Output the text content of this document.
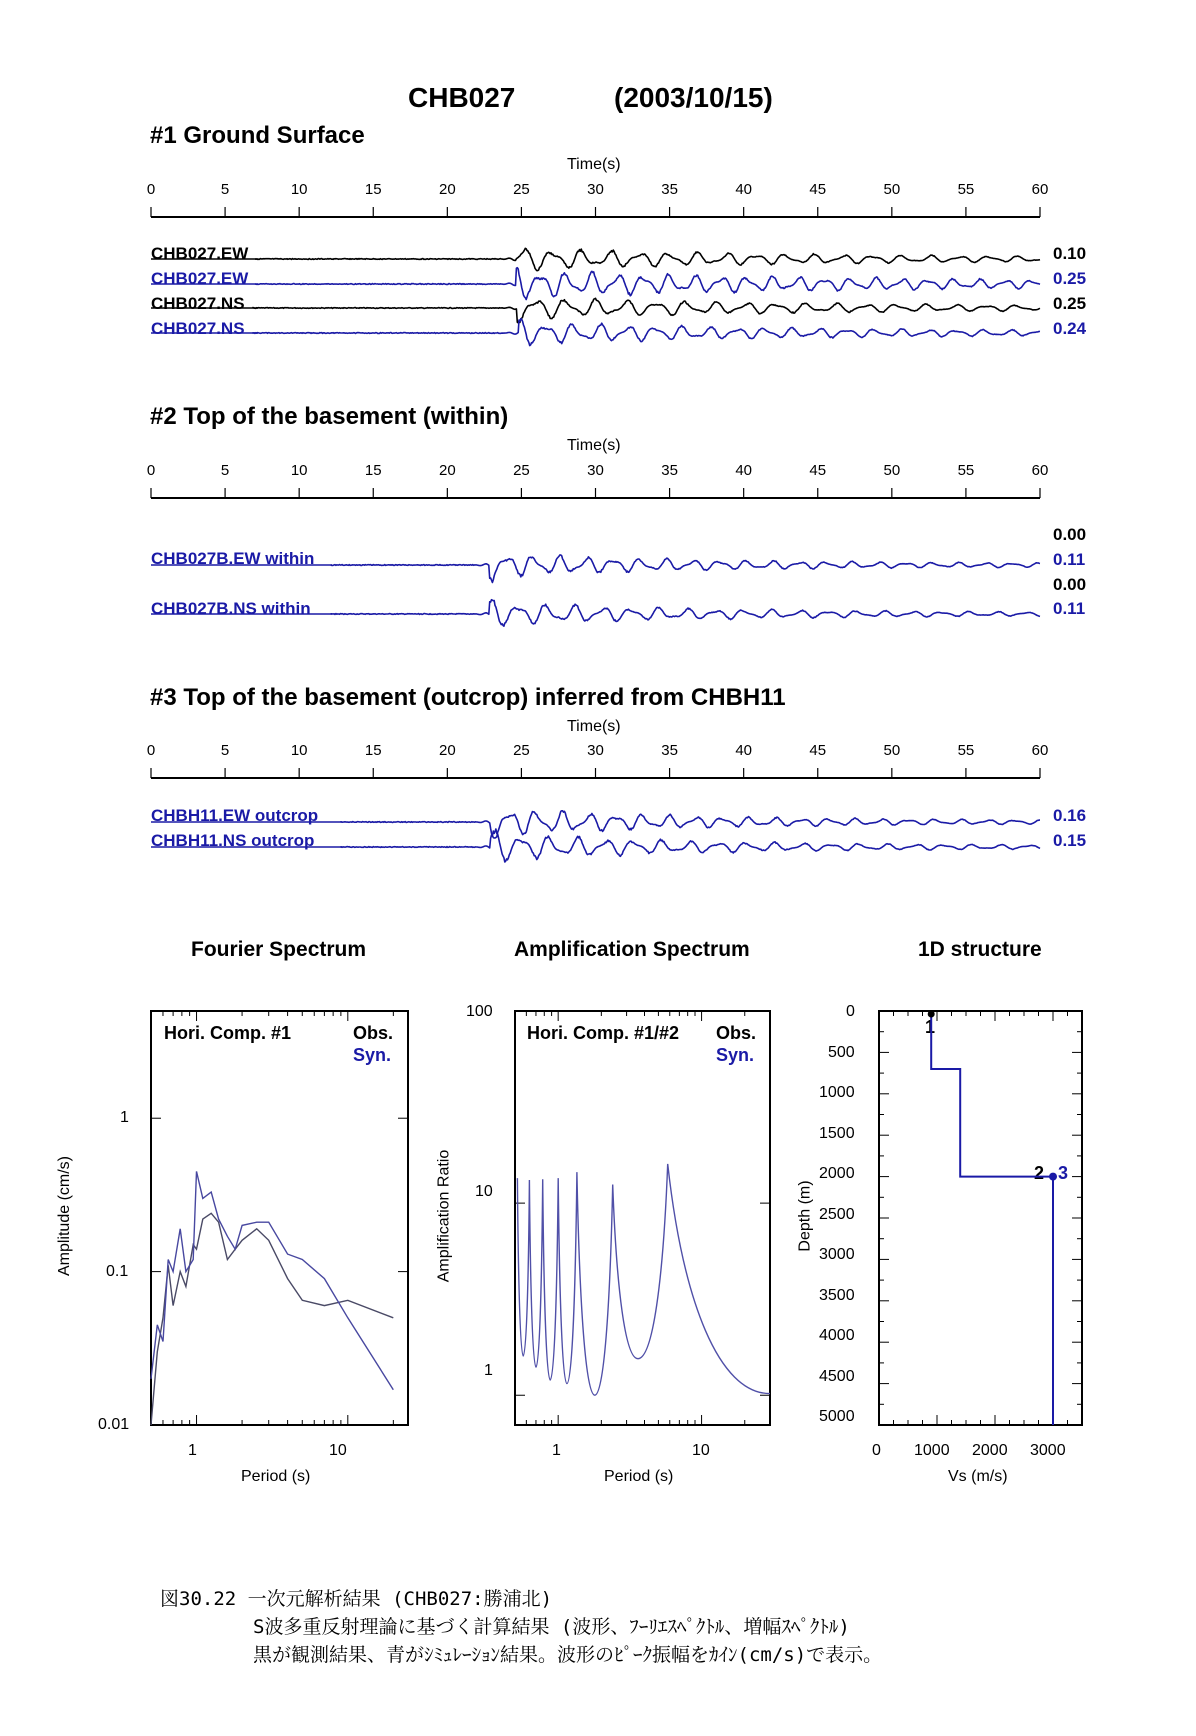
CHB027	(2003/10/15)
#1 Ground Surface
#2 Top of the basement (within)
#3 Top of the basement (outcrop) inferred from CHBH11
Time(s)
Time(s)
Time(s)
CHB027.EW
CHB027.EW
CHB027.NS
CHB027.NS
0.10
0.25
0.25
0.24
CHB027B.EW within
CHB027B.NS within
0.00
0.11
0.00
0.11
CHBH11.EW outcrop
CHBH11.NS outcrop
0.16
0.15
Fourier Spectrum	Amplification Spectrum	1D structure
Hori. Comp. #1	Obs.
Syn.
Hori. Comp. #1/#2 Obs.
Syn.
Period (s)	Period (s)	Vs (m/s)
Amplitude (cm/s)	Amplification Ratio	Depth (m)
1	10
1
0.1
0.01
1	10
100
10
1
0 1000 2000 3000
0
500
1000
1500
2000
2500
3000
3500
4000
4500
5000
1
2 3
図30.22 一次元解析結果 (CHB027:勝浦北)
S波多重反射理論に基づく計算結果 (波形、ﾌｰﾘｴｽﾍﾟｸﾄﾙ、増幅ｽﾍﾟｸﾄﾙ)
黒が観測結果、青がｼﾐｭﾚｰｼｮﾝ結果。波形のﾋﾟｰｸ振幅をｶｲﾝ(cm/s)で表示。
0	5	10	15	20	25	30	35	40	45	50	55	60
0	5	10	15	20	25	30	35	40	45	50	55	60
0	5	10	15	20	25	30	35	40	45	50	55	60
